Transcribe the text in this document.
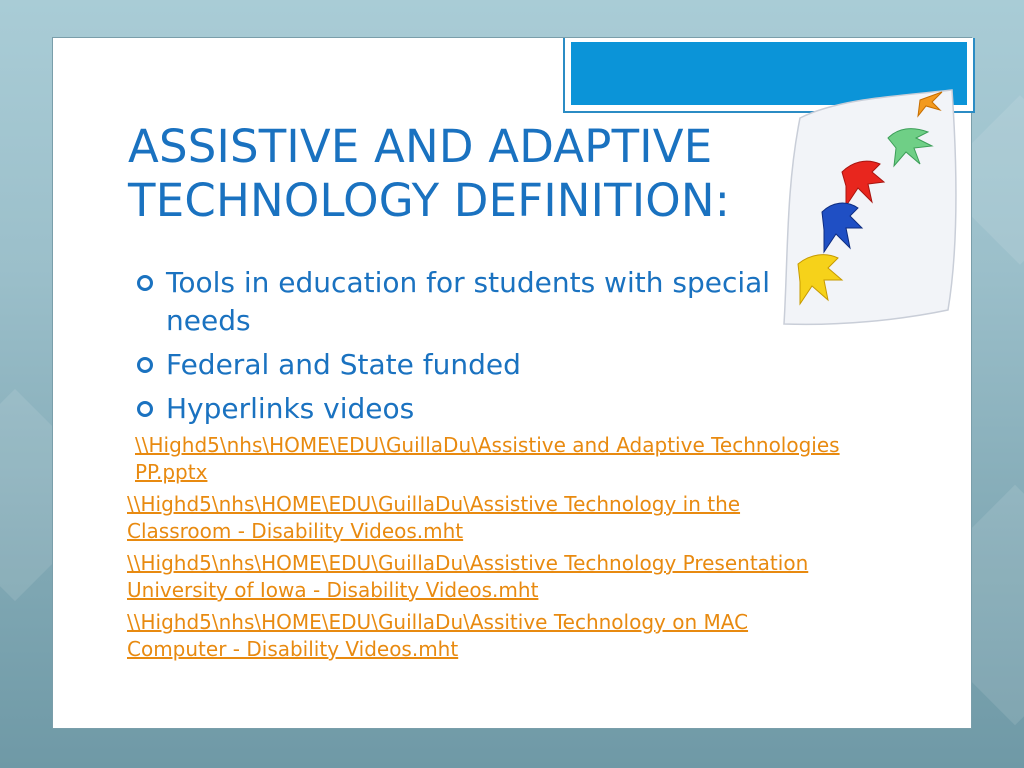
ASSISTIVE AND ADAPTIVE
TECHNOLOGY DEFINITION:
Tools in education for students with special needs
Federal and State funded
Hyperlinks videos
\\Highd5\nhs\HOME\EDU\GuillaDu\Assistive and Adaptive Technologies PP.pptx
\\Highd5\nhs\HOME\EDU\GuillaDu\Assistive Technology in the Classroom - Disability Videos.mht
\\Highd5\nhs\HOME\EDU\GuillaDu\Assistive Technology Presentation University of Iowa - Disability Videos.mht
\\Highd5\nhs\HOME\EDU\GuillaDu\Assitive Technology on MAC Computer - Disability Videos.mht
